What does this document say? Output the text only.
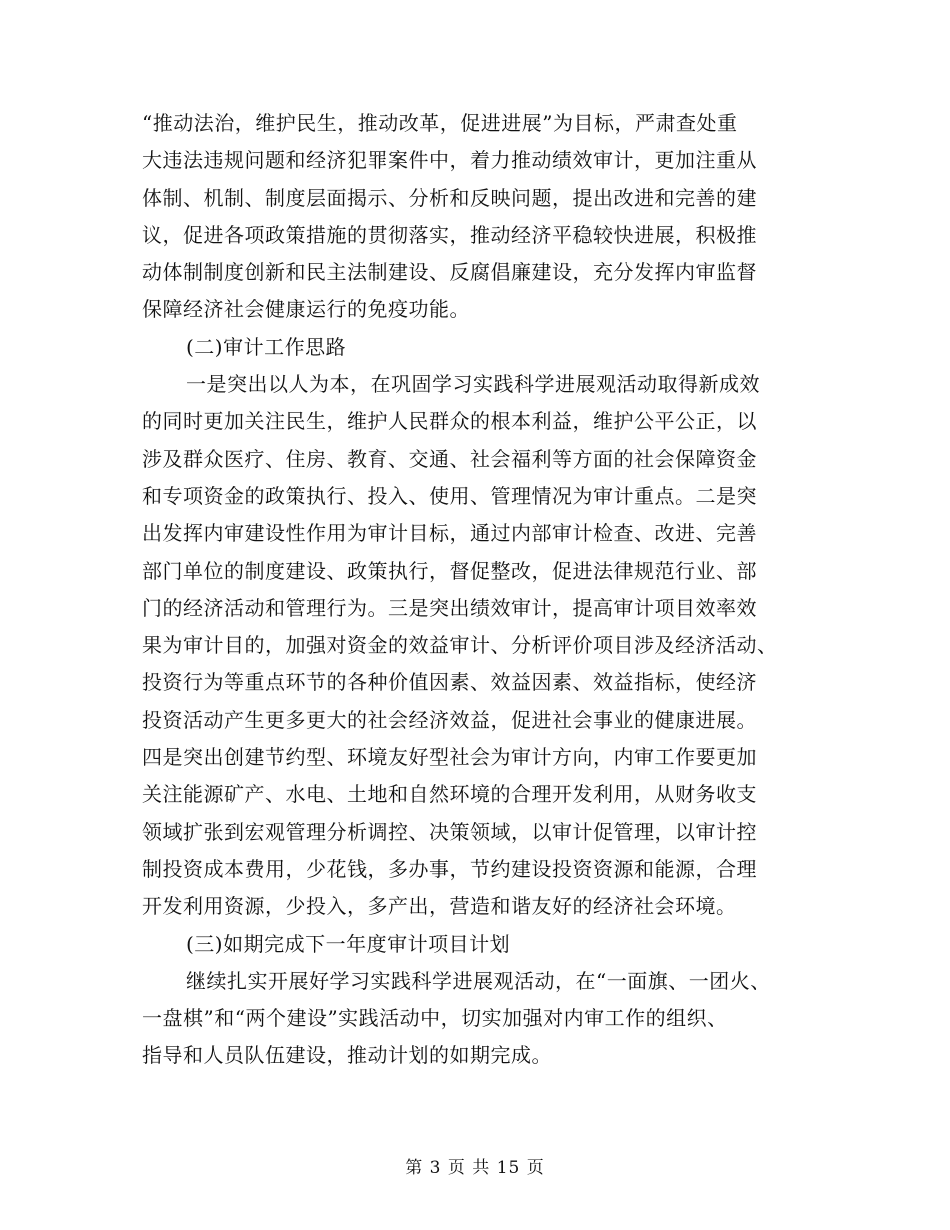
“推动法治，维护民生，推动改革，促进进展”为目标，严肃查处重
大违法违规问题和经济犯罪案件中，着力推动绩效审计，更加注重从
体制、机制、制度层面揭示、分析和反映问题，提出改进和完善的建
议，促进各项政策措施的贯彻落实，推动经济平稳较快进展，积极推
动体制制度创新和民主法制建设、反腐倡廉建设，充分发挥内审监督
保障经济社会健康运行的免疫功能。
(二)审计工作思路
一是突出以人为本，在巩固学习实践科学进展观活动取得新成效
的同时更加关注民生，维护人民群众的根本利益，维护公平公正，以
涉及群众医疗、住房、教育、交通、社会福利等方面的社会保障资金
和专项资金的政策执行、投入、使用、管理情况为审计重点。二是突
出发挥内审建设性作用为审计目标，通过内部审计检查、改进、完善
部门单位的制度建设、政策执行，督促整改，促进法律规范行业、部
门的经济活动和管理行为。三是突出绩效审计，提高审计项目效率效
果为审计目的，加强对资金的效益审计、分析评价项目涉及经济活动、
投资行为等重点环节的各种价值因素、效益因素、效益指标，使经济
投资活动产生更多更大的社会经济效益，促进社会事业的健康进展。
四是突出创建节约型、环境友好型社会为审计方向，内审工作要更加
关注能源矿产、水电、土地和自然环境的合理开发利用，从财务收支
领域扩张到宏观管理分析调控、决策领域，以审计促管理，以审计控
制投资成本费用，少花钱，多办事，节约建设投资资源和能源，合理
开发利用资源，少投入，多产出，营造和谐友好的经济社会环境。
(三)如期完成下一年度审计项目计划
继续扎实开展好学习实践科学进展观活动，在“一面旗、一团火、
一盘棋”和“两个建设”实践活动中，切实加强对内审工作的组织、
指导和人员队伍建设，推动计划的如期完成。
第 3 页 共 15 页
